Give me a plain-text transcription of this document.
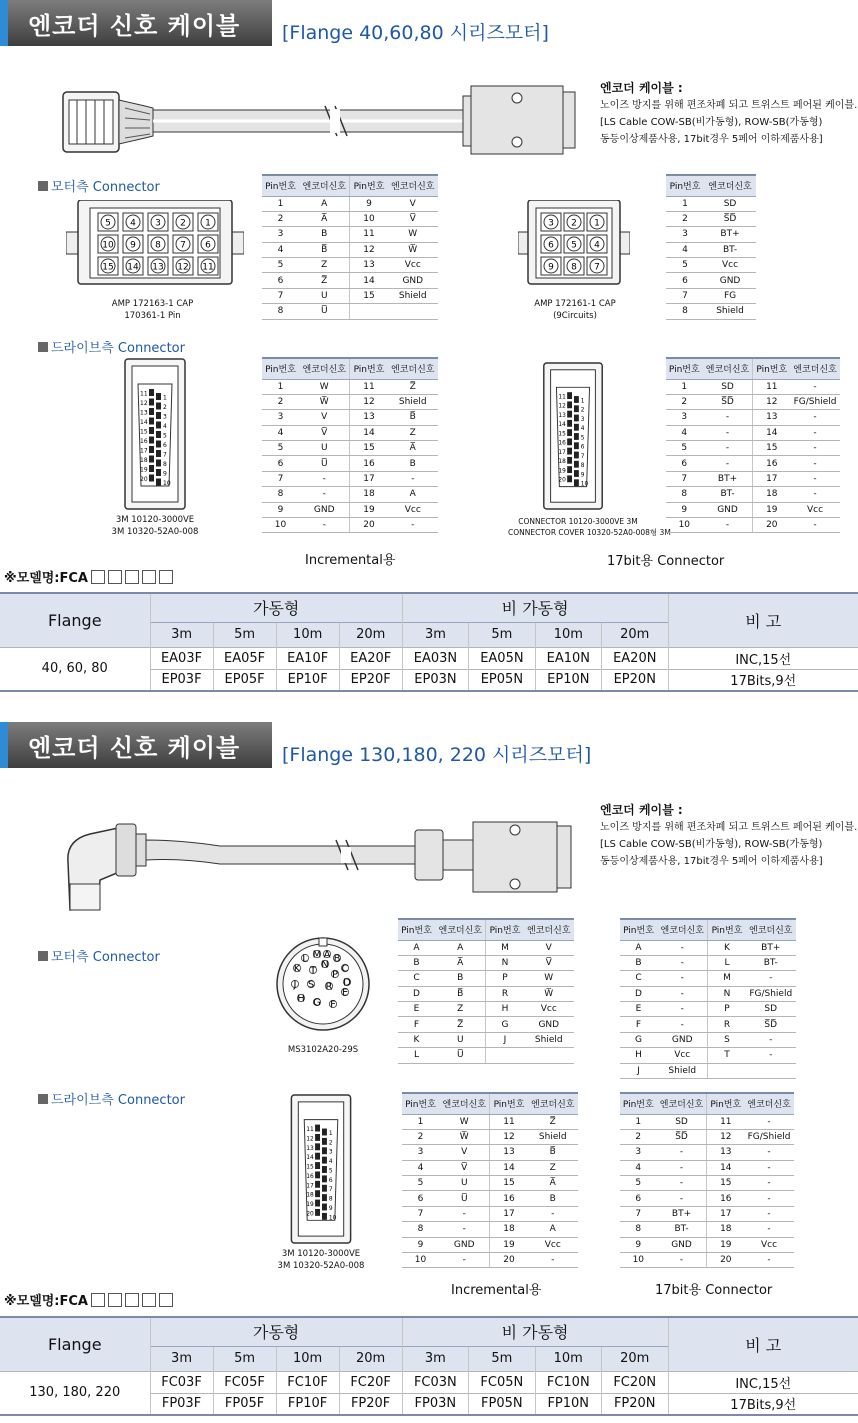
엔코더 신호 케이블 [Flange 40,60,80 시리즈모터]
엔코더 케이블 :
노이즈 방지를 위해 편조차폐 되고 트위스트 페어된 케이블.
[LS Cable COW-SB(비가동형), ROW-SB(가동형)
동등이상제품사용, 17bit경우 5페어 이하제품사용]
모터측 Connector
5 4 3 2 1
10 9 8 7 6
15 14 13 12 11
AMP 172163-1 CAP
170361-1 Pin
Pin번호	엔코더신호	Pin번호	엔코더신호
1	A	9	V
2	A̅	10	V̅
3	B	11	W
4	B̅	12	W̅
5	Z	13	Vcc
6	Z̅	14	GND
7	U	15	Shield
8	U̅		
3 2 1
6 5 4
9 8 7
AMP 172161-1 CAP
(9Circuits)
Pin번호	엔코더신호
1	SD
2	S̅D̅
3	BT+
4	BT-
5	Vcc
6	GND
7	FG
8	Shield
드라이브측 Connector
11
12
13
14
15
16
17
18
19
20
1
2
3
4
5
6
7
8
9
10
3M 10120-3000VE
3M 10320-52A0-008
Pin번호	엔코더신호	Pin번호	엔코더신호
1	W	11	Z̅
2	W̅	12	Shield
3	V	13	B̅
4	V̅	14	Z
5	U	15	A̅
6	U̅	16	B
7	-	17	-
8	-	18	A
9	GND	19	Vcc
10	-	20	-
11
12
13
14
15
16
17
18
19
20
1
2
3
4
5
6
7
8
9
10
CONNECTOR 10120-3000VE 3M
CONNECTOR COVER 10320-52A0-008형 3M
Pin번호	엔코더신호	Pin번호	엔코더신호
1	SD	11	-
2	S̅D̅	12	FG/Shield
3	-	13	-
4	-	14	-
5	-	15	-
6	-	16	-
7	BT+	17	-
8	BT-	18	-
9	GND	19	Vcc
10	-	20	-
Incremental용	17bit용 Connector
※모델명:FCA
Flange	가동형				비 가동형				비 고
	3m	5m	10m	20m	3m	5m	10m	20m	
40, 60, 80	EA03F	EA05F	EA10F	EA20F	EA03N	EA05N	EA10N	EA20N	INC,15선
	EP03F	EP05F	EP10F	EP20F	EP03N	EP05N	EP10N	EP20N	17Bits,9선
엔코더 신호 케이블 [Flange 130,180, 220 시리즈모터]
엔코더 케이블 :
노이즈 방지를 위해 편조차폐 되고 트위스트 페어된 케이블.
[LS Cable COW-SB(비가동형), ROW-SB(가동형)
동등이상제품사용, 17bit경우 5페어 이하제품사용]
모터측 Connector	M A B
L
N C
K T P
D
J S R
E
H G F
MS3102A20-29S
Pin번호	엔코더신호	Pin번호	엔코더신호
A	A	M	V
B	A̅	N	V̅
C	B	P	W
D	B̅	R	W̅
E	Z	H	Vcc
F	Z̅	G	GND
K	U	J	Shield
L	U̅		
Pin번호	엔코더신호	Pin번호	엔코더신호
A	-	K	BT+
B	-	L	BT-
C	-	M	-
D	-	N	FG/Shield
E	-	P	SD
F	-	R	S̅D̅
G	GND	S	-
H	Vcc	T	-
J	Shield		
드라이브측 Connector
11
12
13
14
15
16
17
18
19
20
1
2
3
4
5
6
7
8
9
10
3M 10120-3000VE
3M 10320-52A0-008
Pin번호	엔코더신호	Pin번호	엔코더신호
1	W	11	Z̅
2	W̅	12	Shield
3	V	13	B̅
4	V̅	14	Z
5	U	15	A̅
6	U̅	16	B
7	-	17	-
8	-	18	A
9	GND	19	Vcc
10	-	20	-
Pin번호	엔코더신호	Pin번호	엔코더신호
1	SD	11	-
2	S̅D̅	12	FG/Shield
3	-	13	-
4	-	14	-
5	-	15	-
6	-	16	-
7	BT+	17	-
8	BT-	18	-
9	GND	19	Vcc
10	-	20	-
Incremental용	17bit용 Connector
※모델명:FCA
Flange	가동형				비 가동형				비 고
	3m	5m	10m	20m	3m	5m	10m	20m	
130, 180, 220	FC03F	FC05F	FC10F	FC20F	FC03N	FC05N	FC10N	FC20N	INC,15선
	FP03F	FP05F	FP10F	FP20F	FP03N	FP05N	FP10N	FP20N	17Bits,9선
